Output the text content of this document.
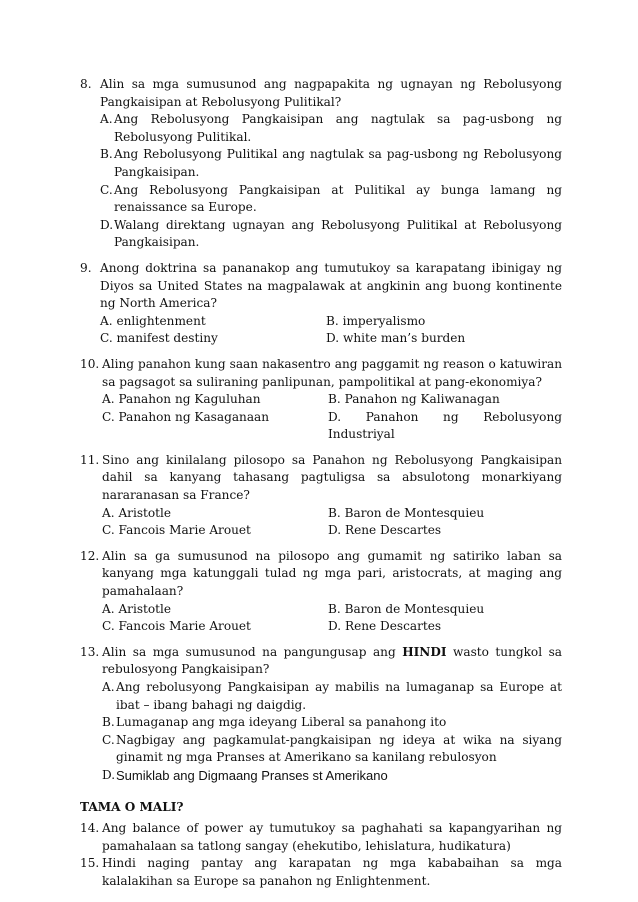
8. Alin sa mga sumusunod ang nagpapakita ng ugnayan ng Rebolusyong Pangkaisipan at Rebolusyong Pulitikal?
A. Ang Rebolusyong Pangkaisipan ang nagtulak sa pag-usbong ng Rebolusyong Pulitikal.
B. Ang Rebolusyong Pulitikal ang nagtulak sa pag-usbong ng Rebolusyong Pangkaisipan.
C. Ang Rebolusyong Pangkaisipan at Pulitikal ay bunga lamang ng renaissance sa Europe.
D. Walang direktang ugnayan ang Rebolusyong Pulitikal at Rebolusyong Pangkaisipan.
9. Anong doktrina sa pananakop ang tumutukoy sa karapatang ibinigay ng Diyos sa United States na magpalawak at angkinin ang buong kontinente ng North America?
A. enlightenment	B. imperyalismo
C. manifest destiny	D. white man’s burden
10. Aling panahon kung saan nakasentro ang paggamit ng reason o katuwiran sa pagsagot sa suliraning panlipunan, pampolitikal at pang-ekonomiya?
A. Panahon ng Kaguluhan	B. Panahon ng Kaliwanagan
C. Panahon ng Kasaganaan	D. Panahon ng Rebolusyong Industriyal
11. Sino ang kinilalang pilosopo sa Panahon ng Rebolusyong Pangkaisipan dahil sa kanyang tahasang pagtuligsa sa absulotong monarkiyang nararanasan sa France?
A. Aristotle	B. Baron de Montesquieu
C. Fancois Marie Arouet	D. Rene Descartes
12. Alin sa ga sumusunod na pilosopo ang gumamit ng satiriko laban sa kanyang mga katunggali tulad ng mga pari, aristocrats, at maging ang pamahalaan?
A. Aristotle	B. Baron de Montesquieu
C. Fancois Marie Arouet	D. Rene Descartes
13. Alin sa mga sumusunod na pangungusap ang HINDI wasto tungkol sa rebulosyong Pangkaisipan?
A. Ang rebolusyong Pangkaisipan ay mabilis na lumaganap sa Europe at ibat – ibang bahagi ng daigdig.
B. Lumaganap ang mga ideyang Liberal sa panahong ito
C. Nagbigay ang pagkamulat-pangkaisipan ng ideya at wika na siyang ginamit ng mga Pranses at Amerikano sa kanilang rebulosyon
D. Sumiklab ang Digmaang Pranses st Amerikano
TAMA O MALI?
14. Ang balance of power ay tumutukoy sa paghahati sa kapangyarihan ng pamahalaan sa tatlong sangay (ehekutibo, lehislatura, hudikatura)
15. Hindi naging pantay ang karapatan ng mga kababaihan sa mga kalalakihan sa Europe sa panahon ng Enlightenment.
